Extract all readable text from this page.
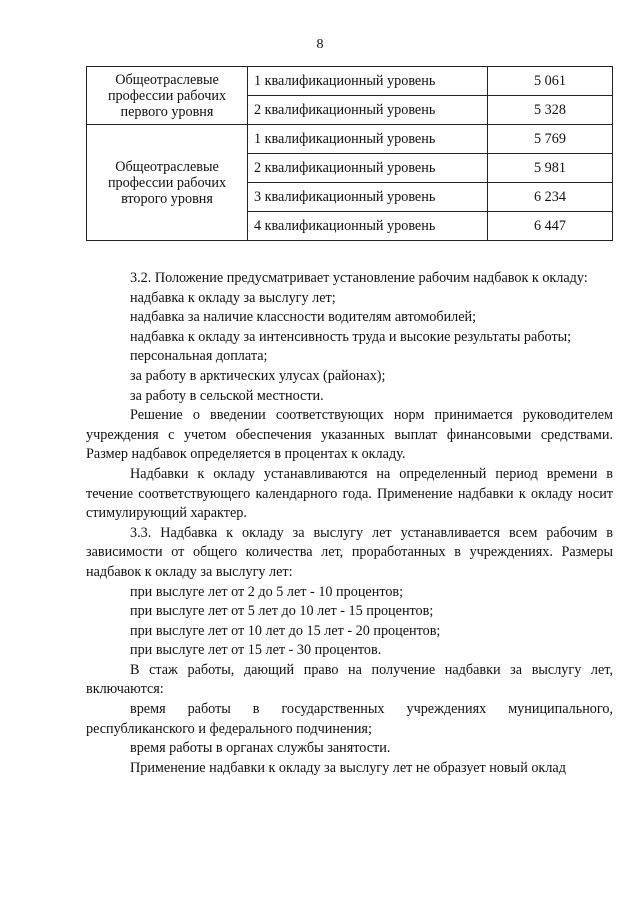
8
Общеотраслевые профессии рабочих первого уровня	1 квалификационный уровень	5 061
	2 квалификационный уровень	5 328
Общеотраслевые профессии рабочих второго уровня	1 квалификационный уровень	5 769
	2 квалификационный уровень	5 981
	3 квалификационный уровень	6 234
	4 квалификационный уровень	6 447

3.2. Положение предусматривает установление рабочим надбавок к окладу:

надбавка к окладу за выслугу лет;

надбавка за наличие классности водителям автомобилей;

надбавка к окладу за интенсивность труда и высокие результаты работы;

персональная доплата;

за работу в арктических улусах (районах);

за работу в сельской местности.

Решение о введении соответствующих норм принимается руководителем учреждения с учетом обеспечения указанных выплат финансовыми средствами. Размер надбавок определяется в процентах к окладу.

Надбавки к окладу устанавливаются на определенный период времени в течение соответствующего календарного года. Применение надбавки к окладу носит стимулирующий характер.

3.3. Надбавка к окладу за выслугу лет устанавливается всем рабочим в зависимости от общего количества лет, проработанных в учреждениях. Размеры надбавок к окладу за выслугу лет:

при выслуге лет от 2 до 5 лет - 10 процентов;

при выслуге лет от 5 лет до 10 лет - 15 процентов;

при выслуге лет от 10 лет до 15 лет - 20 процентов;

при выслуге лет от 15 лет - 30 процентов.

В стаж работы, дающий право на получение надбавки за выслугу лет, включаются:

время работы в государственных учреждениях муниципального, республиканского и федерального подчинения;

время работы в органах службы занятости.

Применение надбавки к окладу за выслугу лет не образует новый оклад
